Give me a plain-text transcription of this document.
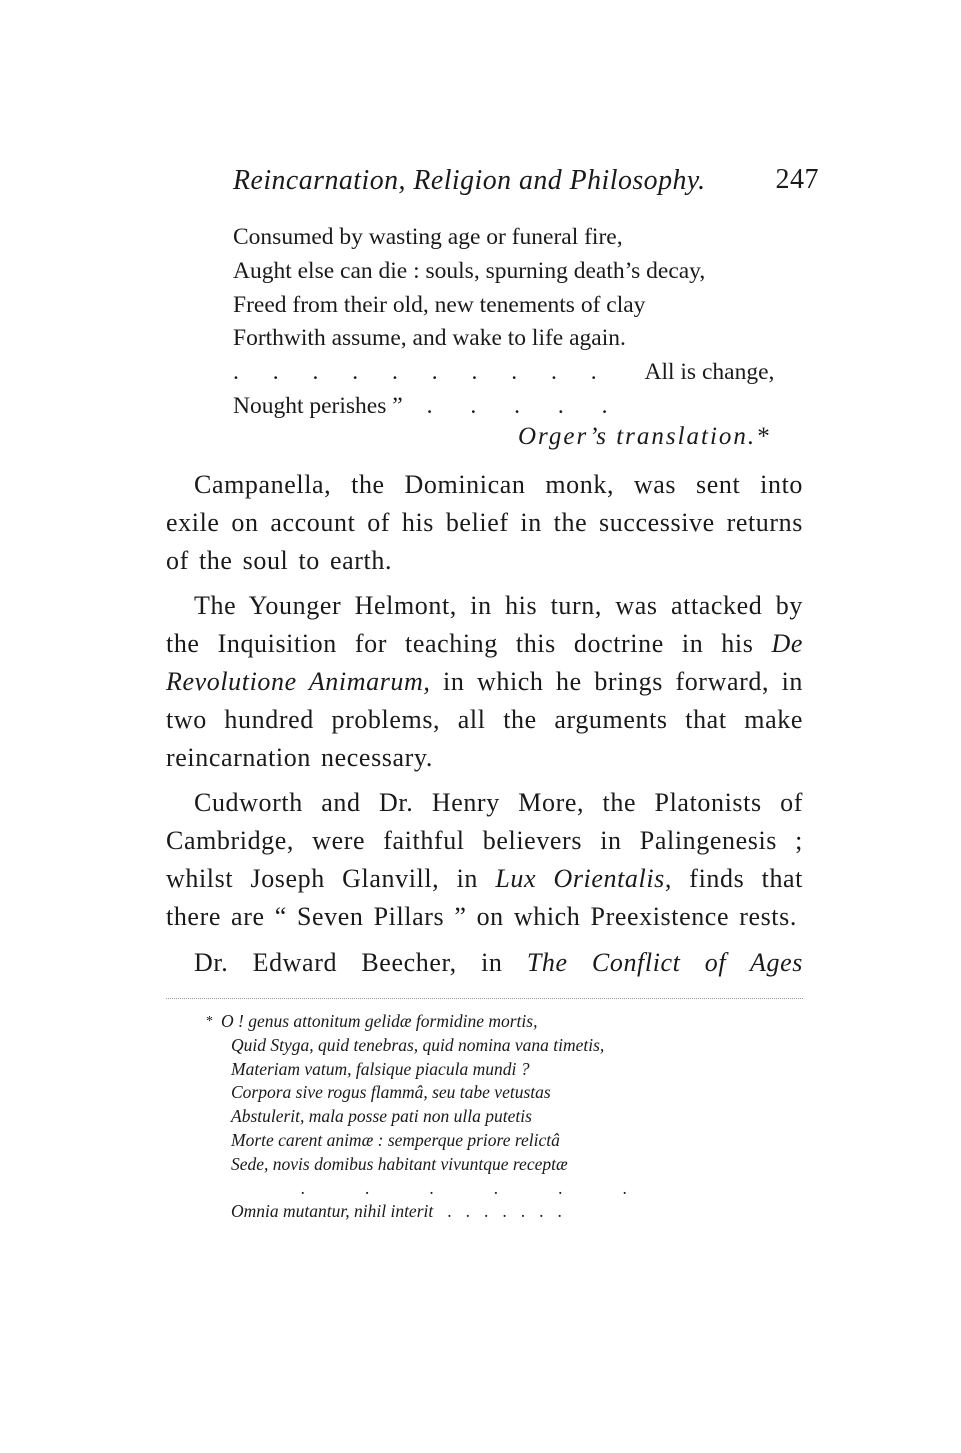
Reincarnation, Religion and Philosophy. 247
Consumed by wasting age or funeral fire,
Aught else can die : souls, spurning death’s decay,
Freed from their old, new tenements of clay
Forthwith assume, and wake to life again.
. . . . . . . . . . All is change,
Nought perishes ” . . . . .
Orger’s translation.*

Campanella, the Dominican monk, was sent into exile on account of his belief in the successive returns of the soul to earth.

The Younger Helmont, in his turn, was attacked by the Inquisition for teaching this doctrine in his De Revolutione Animarum, in which he brings forward, in two hundred problems, all the arguments that make reincarnation necessary.

Cudworth and Dr. Henry More, the Platonists of Cambridge, were faithful believers in Palingenesis ; whilst Joseph Glanvill, in Lux Orientalis, finds that there are “ Seven Pillars ” on which Preexistence rests.

Dr. Edward Beecher, in The Conflict of Ages

* O ! genus attonitum gelidæ formidine mortis,
Quid Styga, quid tenebras, quid nomina vana timetis,
Materiam vatum, falsique piacula mundi ?
Corpora sive rogus flammâ, seu tabe vetustas
Abstulerit, mala posse pati non ulla putetis
Morte carent animæ : semperque priore relictâ
Sede, novis domibus habitant vivuntque receptæ
......
Omnia mutantur, nihil interit .......
